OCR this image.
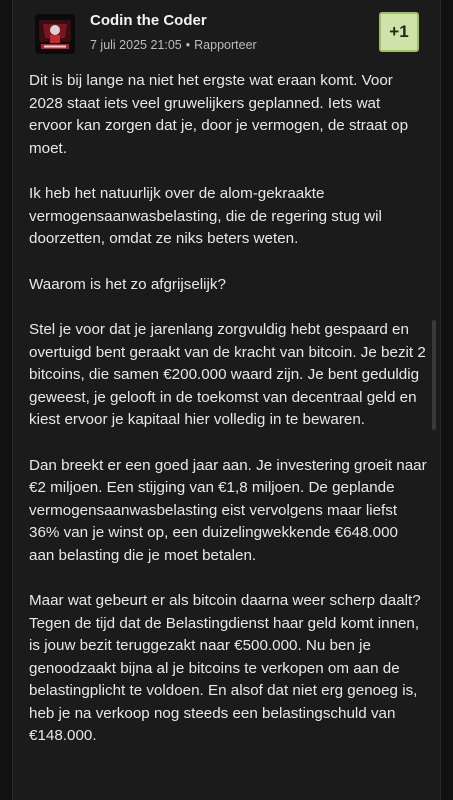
Codin the Coder
7 juli 2025 21:05 • Rapporteer
+1

Dit is bij lange na niet het ergste wat eraan komt. Voor 2028 staat iets veel gruwelijkers geplanned. Iets wat ervoor kan zorgen dat je, door je vermogen, de straat op moet.

Ik heb het natuurlijk over de alom-gekraakte vermogensaanwasbelasting, die de regering stug wil doorzetten, omdat ze niks beters weten.

Waarom is het zo afgrijselijk?

Stel je voor dat je jarenlang zorgvuldig hebt gespaard en overtuigd bent geraakt van de kracht van bitcoin. Je bezit 2 bitcoins, die samen €200.000 waard zijn. Je bent geduldig geweest, je gelooft in de toekomst van decentraal geld en kiest ervoor je kapitaal hier volledig in te bewaren.

Dan breekt er een goed jaar aan. Je investering groeit naar €2 miljoen. Een stijging van €1,8 miljoen. De geplande vermogensaanwasbelasting eist vervolgens maar liefst 36% van je winst op, een duizelingwekkende €648.000 aan belasting die je moet betalen.

Maar wat gebeurt er als bitcoin daarna weer scherp daalt? Tegen de tijd dat de Belastingdienst haar geld komt innen, is jouw bezit teruggezakt naar €500.000. Nu ben je genoodzaakt bijna al je bitcoins te verkopen om aan de belastingplicht te voldoen. En alsof dat niet erg genoeg is, heb je na verkoop nog steeds een belastingschuld van €148.000.
